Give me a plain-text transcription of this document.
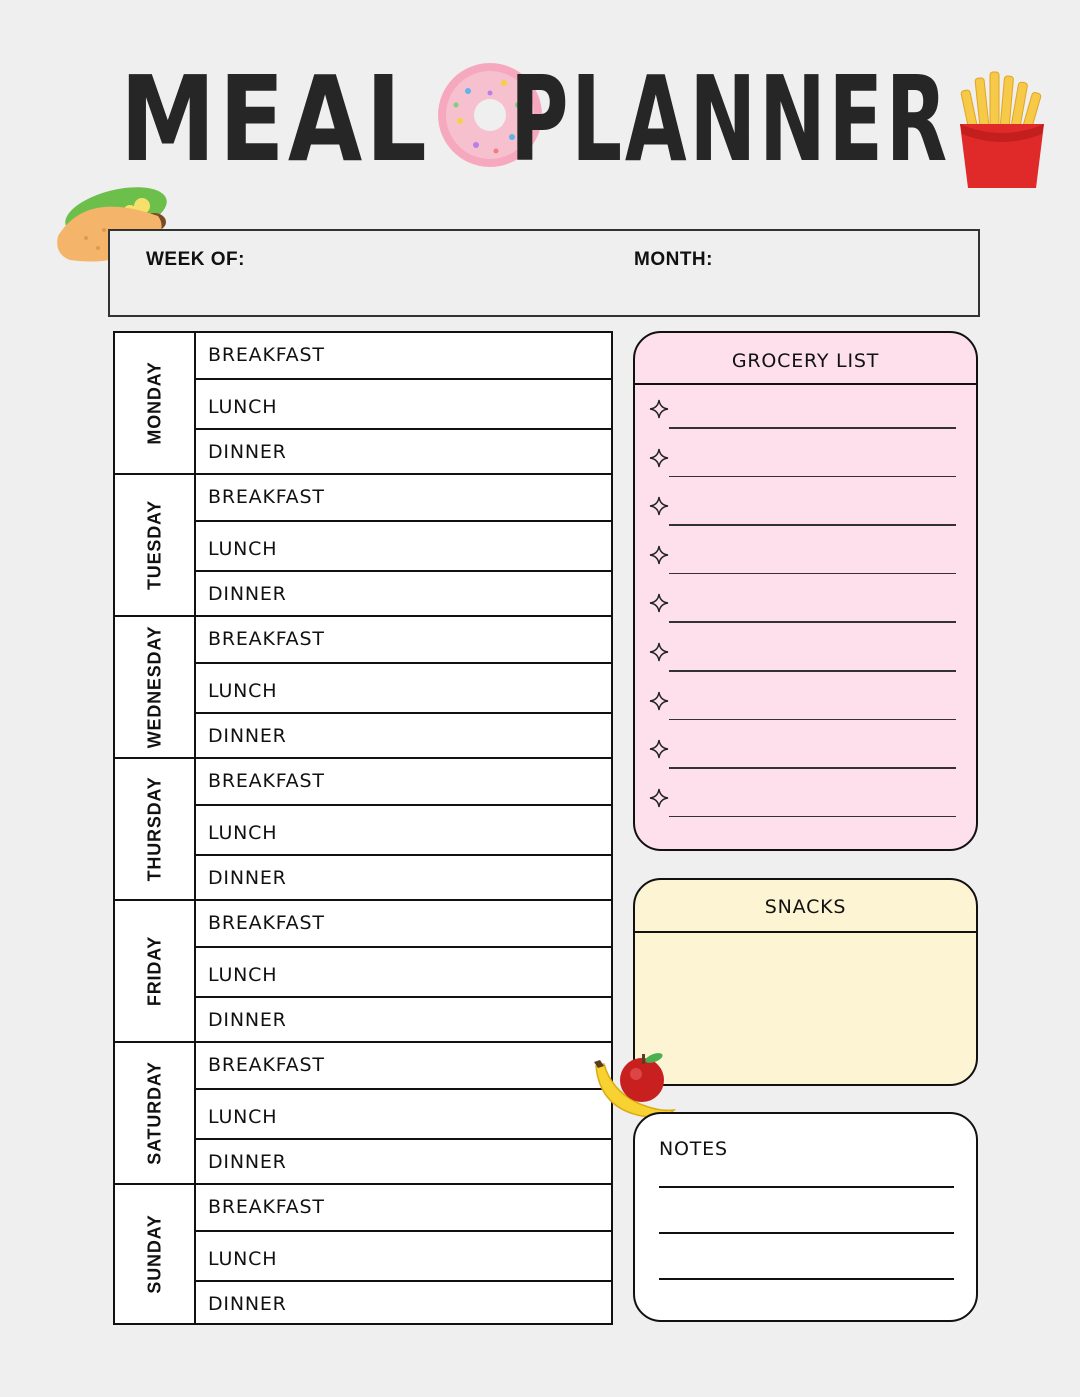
MEAL PLANNER
WEEK OF:	MONTH:
MONDAY
BREAKFAST
LUNCH
DINNER
TUESDAY
BREAKFAST
LUNCH
DINNER
WEDNESDAY	BREAKFAST
LUNCH
DINNER
THURSDAY	BREAKFAST
LUNCH
DINNER
FRIDAY
BREAKFAST
LUNCH
DINNER
SATURDAY	BREAKFAST
LUNCH
DINNER
SUNDAY
BREAKFAST
LUNCH
DINNER
GROCERY LIST
SNACKS
NOTES
